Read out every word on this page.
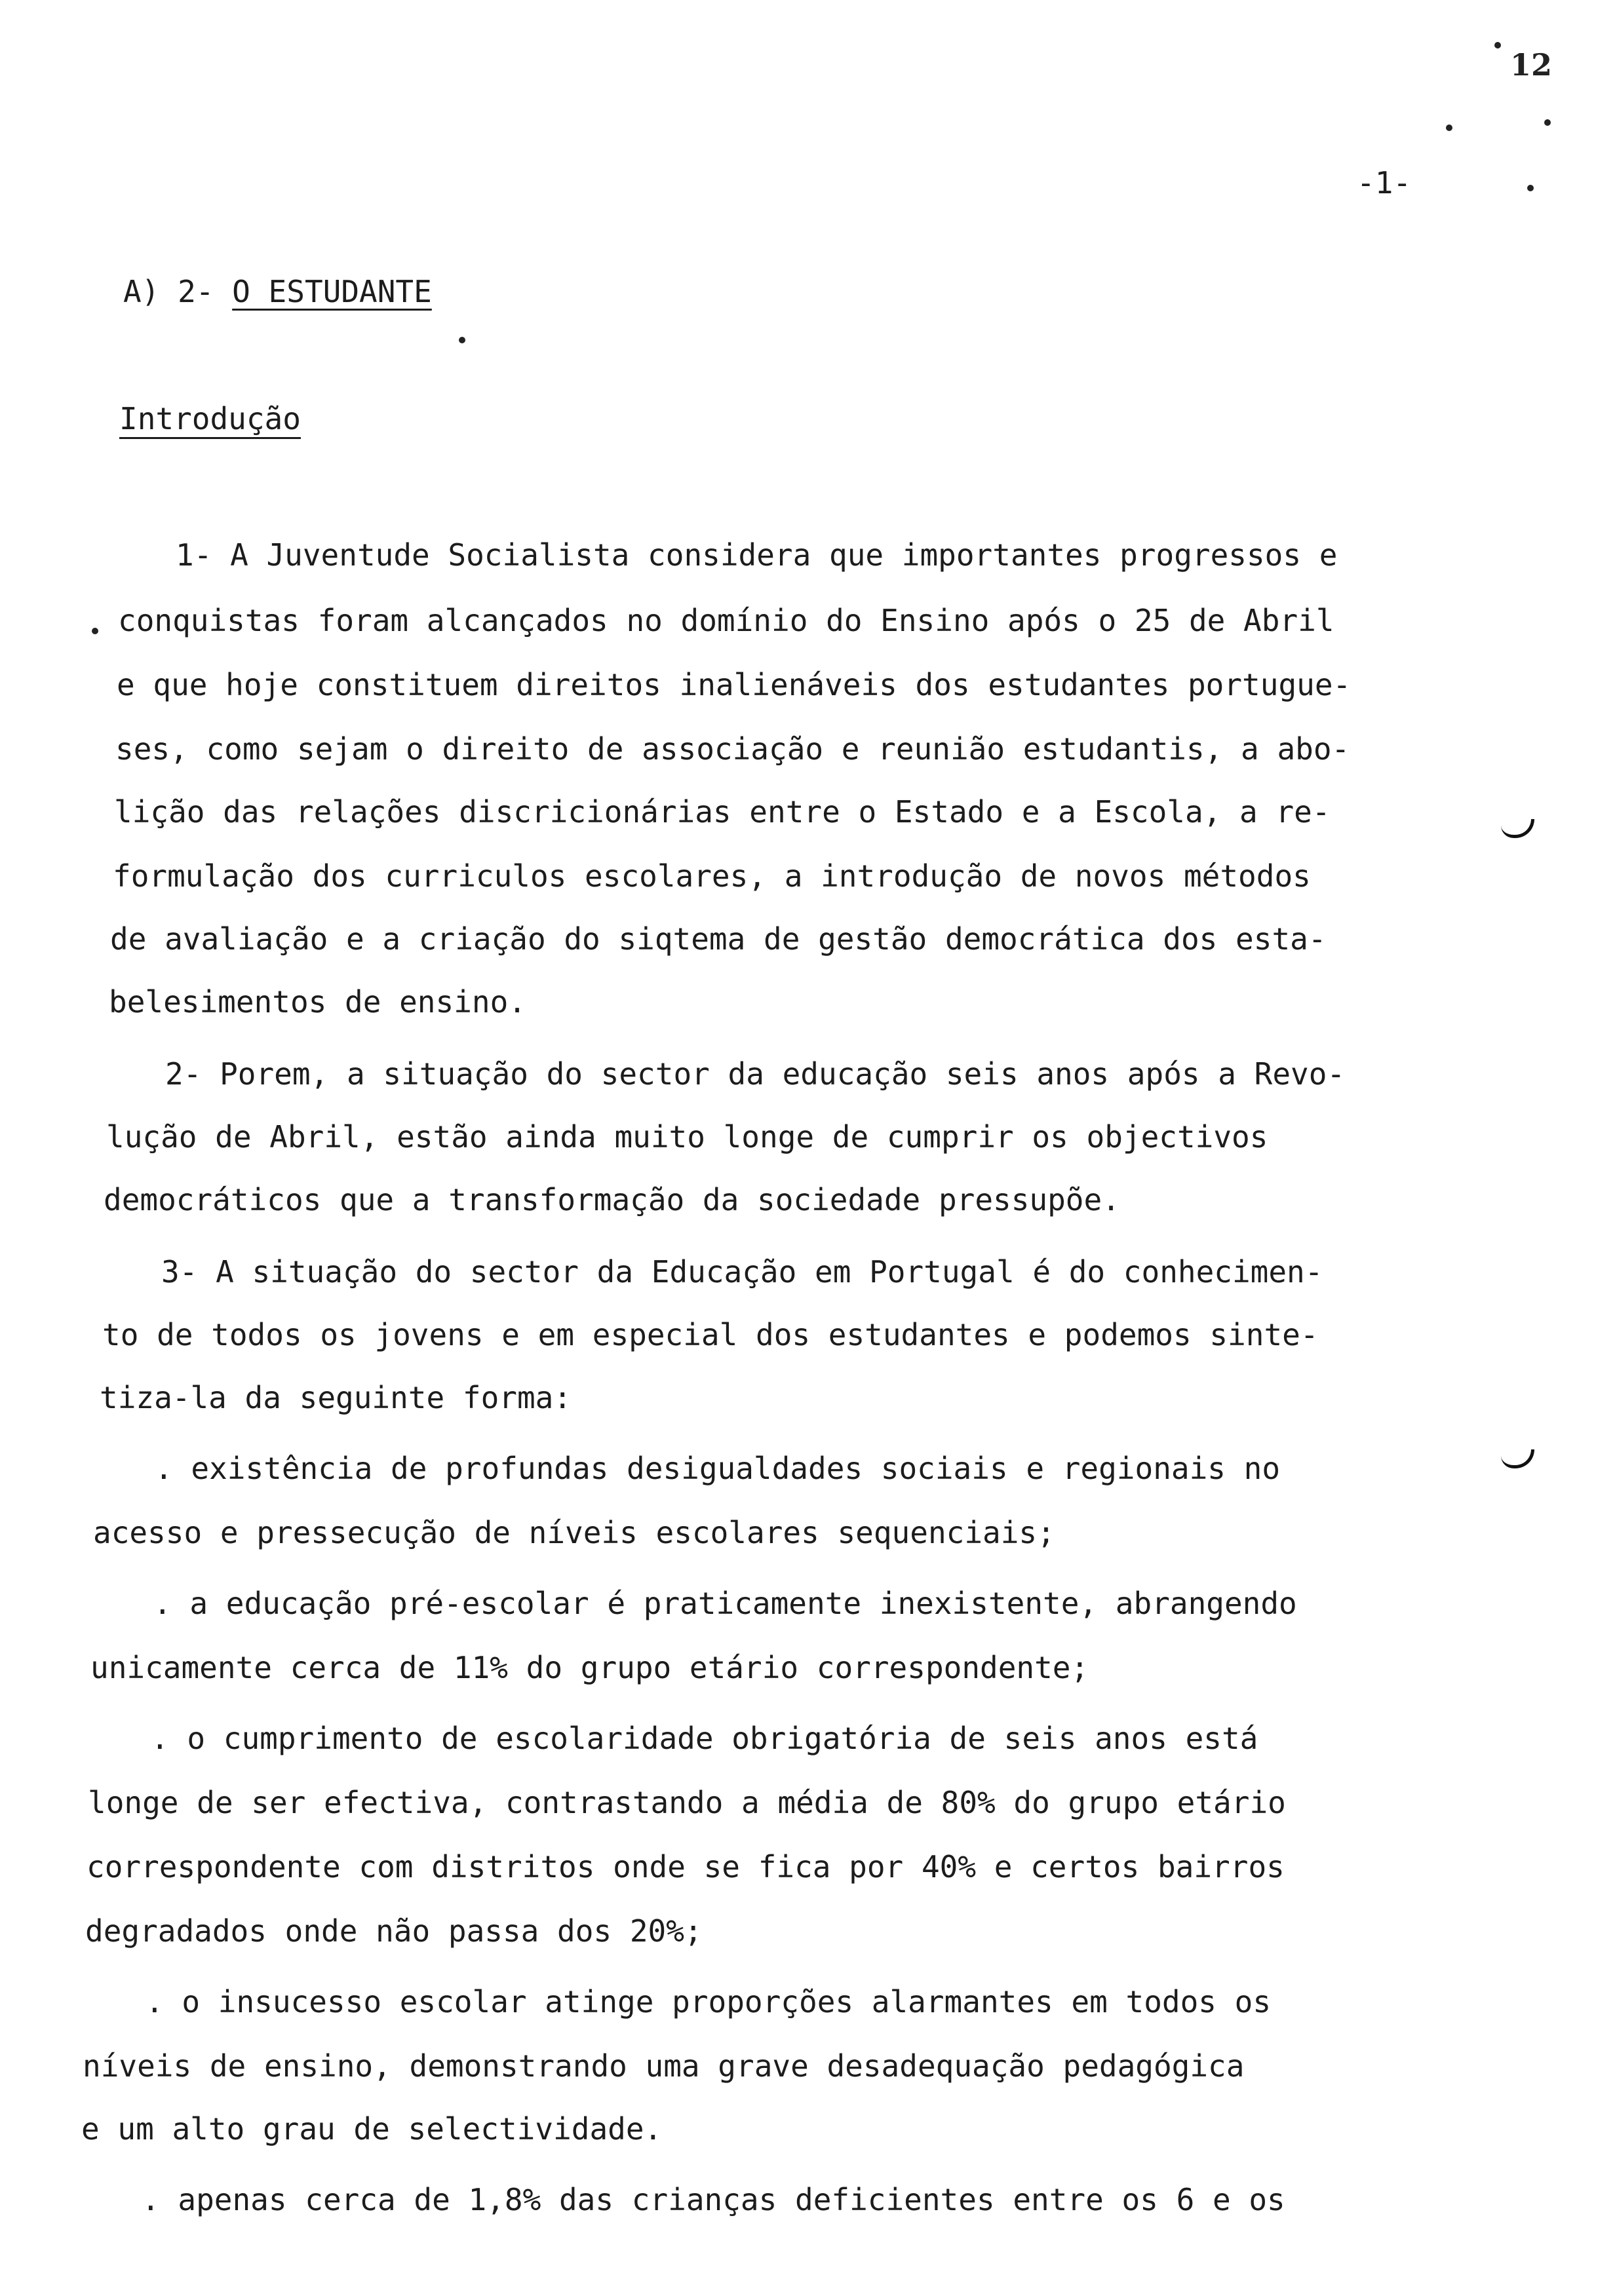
12
-1-
A) 2- O ESTUDANTE
Introdução
1- A Juventude Socialista considera que importantes progressos e
conquistas foram alcançados no domínio do Ensino após o 25 de Abril
e que hoje constituem direitos inalienáveis dos estudantes portugue-
ses, como sejam o direito de associação e reunião estudantis, a abo-
lição das relações discricionárias entre o Estado e a Escola, a re-
formulação dos curriculos escolares, a introdução de novos métodos
de avaliação e a criação do siqtema de gestão democrática dos esta-
belesimentos de ensino.
2- Porem, a situação do sector da educação seis anos após a Revo-
lução de Abril, estão ainda muito longe de cumprir os objectivos
democráticos que a transformação da sociedade pressupõe.
3- A situação do sector da Educação em Portugal é do conhecimen-
to de todos os jovens e em especial dos estudantes e podemos sinte-
tiza-la da seguinte forma:
. existência de profundas desigualdades sociais e regionais no
acesso e pressecução de níveis escolares sequenciais;
. a educação pré-escolar é praticamente inexistente, abrangendo
unicamente cerca de 11% do grupo etário correspondente;
. o cumprimento de escolaridade obrigatória de seis anos está
longe de ser efectiva, contrastando a média de 80% do grupo etário
correspondente com distritos onde se fica por 40% e certos bairros
degradados onde não passa dos 20%;
. o insucesso escolar atinge proporções alarmantes em todos os
níveis de ensino, demonstrando uma grave desadequação pedagógica
e um alto grau de selectividade.
. apenas cerca de 1,8% das crianças deficientes entre os 6 e os
